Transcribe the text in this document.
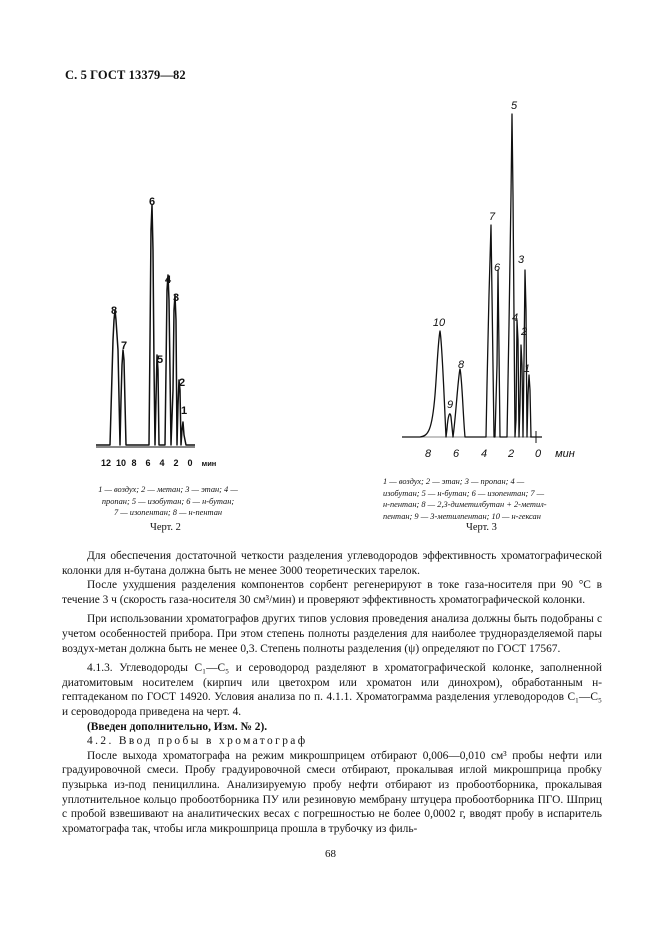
С. 5 ГОСТ 13379—82
12 10 8 6 4 2 0 мин
1
2
3
4
5
6
7
8

1 — воздух; 2 — метан; 3 — этан; 4 —

пропан; 5 — изобутан; 6 — н-бутан;

7 — изопентан; 8 — н-пентан

Черт. 2
8 6 4 2 0 мин
1
2
3
4
5
6
7
8
9
10

1 — воздух; 2 — этан; 3 — пропан; 4 —

изобутан; 5 — н-бутан; 6 — изопентан; 7 —

н-пентан; 8 — 2,3-диметилбутан + 2-метил-

пентан; 9 — 3-метилпентан; 10 — н-гексан

Черт. 3

Для обеспечения достаточной четкости разделения углеводородов эффективность хроматографической колонки для н-бутана должна быть не менее 3000 теоретических тарелок.

После ухудшения разделения компонентов сорбент регенерируют в токе газа-носителя при 90 °С в течение 3 ч (скорость газа-носителя 30 см³/мин) и проверяют эффективность хроматографической колонки.

При использовании хроматографов других типов условия проведения анализа должны быть подобраны с учетом особенностей прибора. При этом степень полноты разделения для наиболее трудноразделяемой пары воздух-метан должна быть не менее 0,3. Степень полноты разделения (ψ) определяют по ГОСТ 17567.

4.1.3. Углеводороды С₁—С₅ и сероводород разделяют в хроматографической колонке, заполненной диатомитовым носителем (кирпич или цветохром или хроматон или динохром), обработанным н-гептадеканом по ГОСТ 14920. Условия анализа по п. 4.1.1. Хроматограмма разделения углеводородов С₁—С₅ и сероводорода приведена на черт. 4.

(Введен дополнительно, Изм. № 2).

4.2. Ввод пробы в хроматограф

После выхода хроматографа на режим микрошприцем отбирают 0,006—0,010 см³ пробы нефти или градуировочной смеси. Пробу градуировочной смеси отбирают, прокалывая иглой микрошприца пробку пузырька из-под пенициллина. Анализируемую пробу нефти отбирают из пробоотборника, прокалывая уплотнительное кольцо пробоотборника ПУ или резиновую мембрану штуцера пробоотборника ПГО. Шприц с пробой взвешивают на аналитических весах с погрешностью не более 0,0002 г, вводят пробу в испаритель хроматографа так, чтобы игла микрошприца прошла в трубочку из филь-

68
